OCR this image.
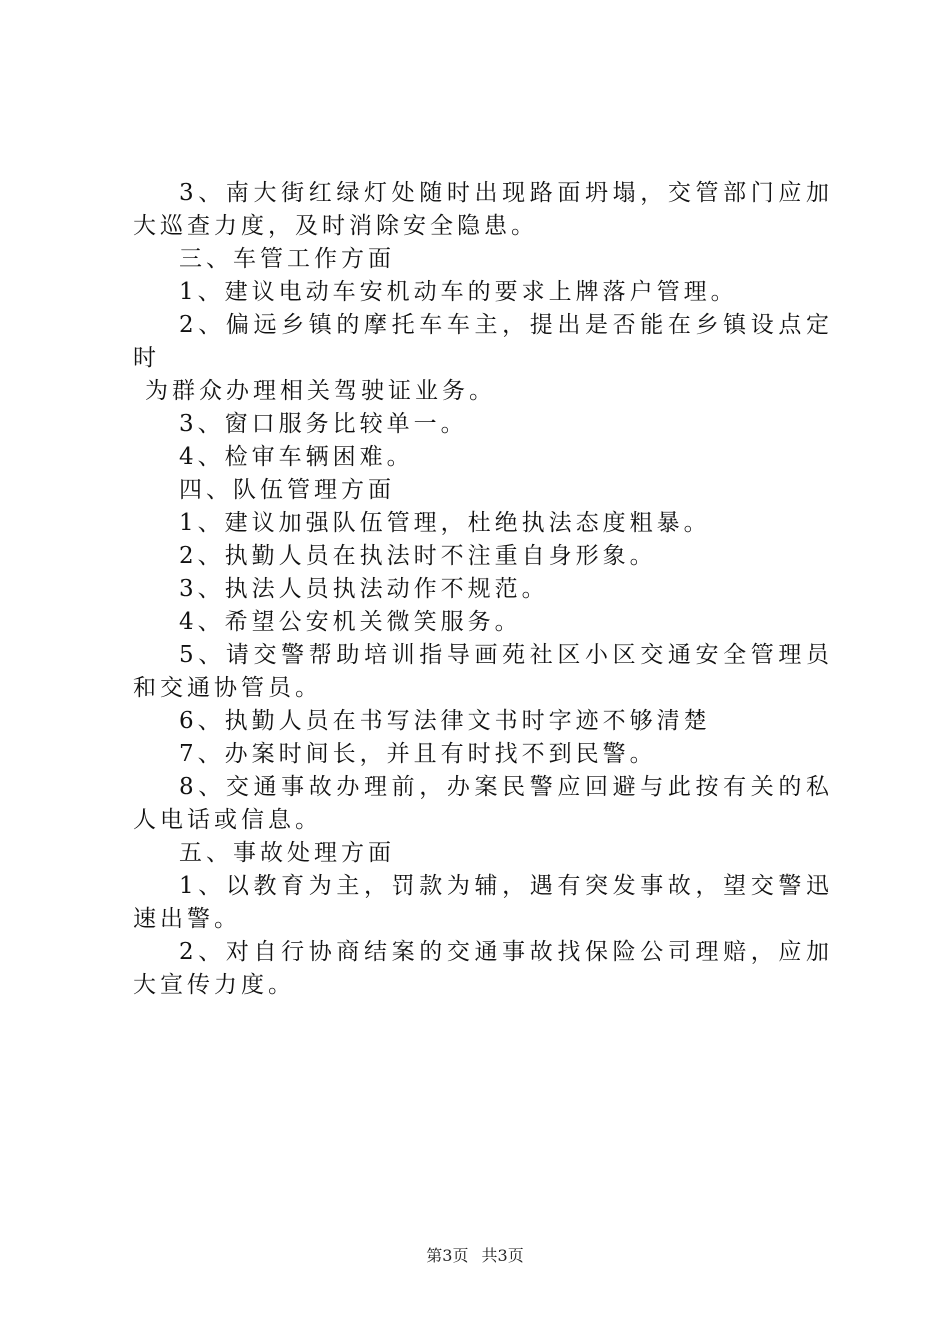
3、南大街红绿灯处随时出现路面坍塌，交管部门应加大巡查力度，及时消除安全隐患。

三、车管工作方面

1、建议电动车安机动车的要求上牌落户管理。

2、偏远乡镇的摩托车车主，提出是否能在乡镇设点定时

为群众办理相关驾驶证业务。

3、窗口服务比较单一。

4、检审车辆困难。

四、队伍管理方面

1、建议加强队伍管理，杜绝执法态度粗暴。

2、执勤人员在执法时不注重自身形象。

3、执法人员执法动作不规范。

4、希望公安机关微笑服务。

5、请交警帮助培训指导画苑社区小区交通安全管理员和交通协管员。

6、执勤人员在书写法律文书时字迹不够清楚

7、办案时间长，并且有时找不到民警。

8、交通事故办理前，办案民警应回避与此按有关的私人电话或信息。

五、事故处理方面

1、以教育为主，罚款为辅，遇有突发事故，望交警迅速出警。

2、对自行协商结案的交通事故找保险公司理赔，应加大宣传力度。

第3页 共3页
